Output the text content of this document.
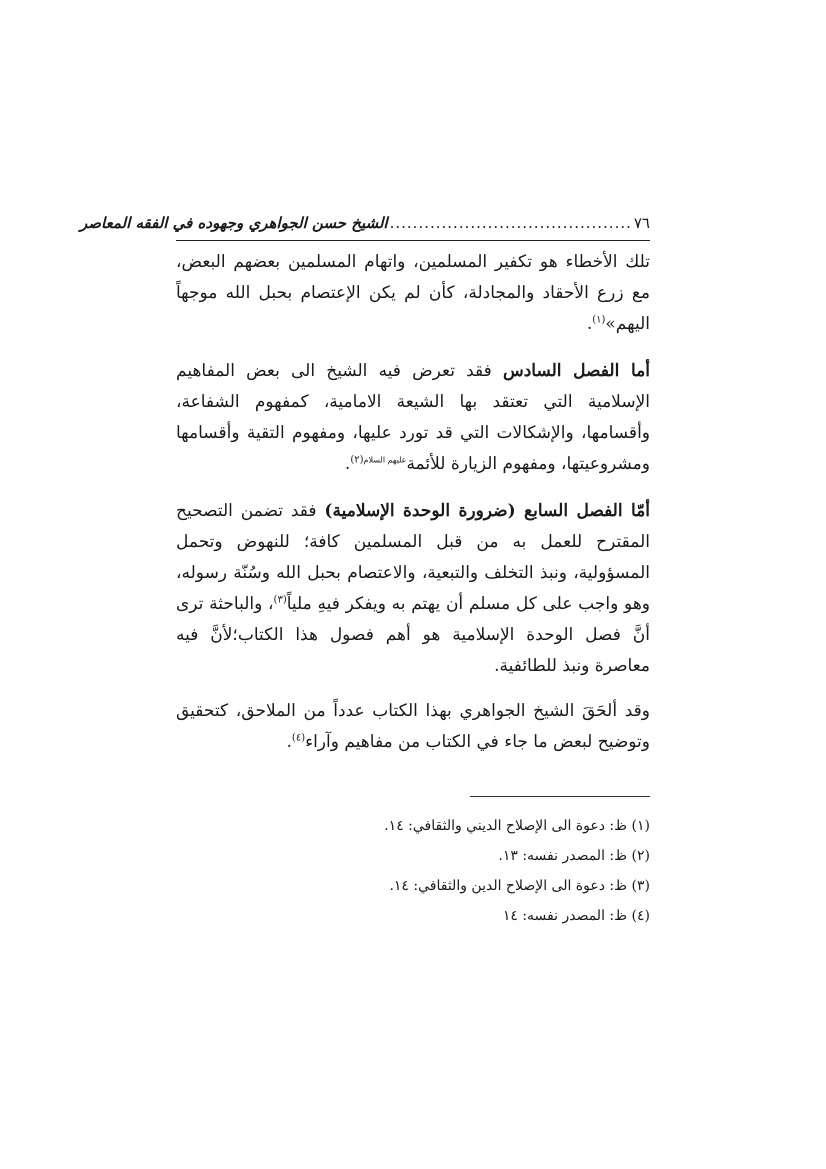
٧٦
..........................................
الشيخ حسن الجواهري وجهوده في الفقه المعاصر

تلك الأخطاء هو تكفير المسلمين، واتهام المسلمين بعضهم البعض، مع زرع الأحقاد والمجادلة، كأن لم يكن الإعتصام بحبل الله موجهاً اليهم»$^{(١)}$.

أما الفصل السادس فقد تعرض فيه الشيخ الى بعض المفاهيم الإسلامية التي تعتقد بها الشيعة الامامية، كمفهوم الشفاعة، وأقسامها، والإشكالات التي قد تورد عليها، ومفهوم التقية وأقسامها ومشروعيتها، ومفهوم الزيارة للأئمة$^{عليهم السلام(٢)}$.

أمّا الفصل السابع (ضرورة الوحدة الإسلامية) فقد تضمن التصحيح المقترح للعمل به من قبل المسلمين كافة؛ للنهوض وتحمل المسؤولية، ونبذ التخلف والتبعية، والاعتصام بحبل الله وسُنّة رسوله، وهو واجب على كل مسلم أن يهتم به ويفكر فيهِ ملياً$^{(٣)}$، والباحثة ترى أنَّ فصل الوحدة الإسلامية هو أهم فصول هذا الكتاب؛لأنَّ فيه معاصرة ونبذ للطائفية.

وقد ألحَقَ الشيخ الجواهري بهذا الكتاب عدداً من الملاحق، كتحقيق وتوضيح لبعض ما جاء في الكتاب من مفاهيم وآراء$^{(٤)}$.

(١) ظ: دعوة الى الإصلاح الديني والثقافي: ١٤.
(٢) ظ: المصدر نفسه: ١٣.
(٣) ظ: دعوة الى الإصلاح الدين والثقافي: ١٤.
(٤) ظ: المصدر نفسه: ١٤
